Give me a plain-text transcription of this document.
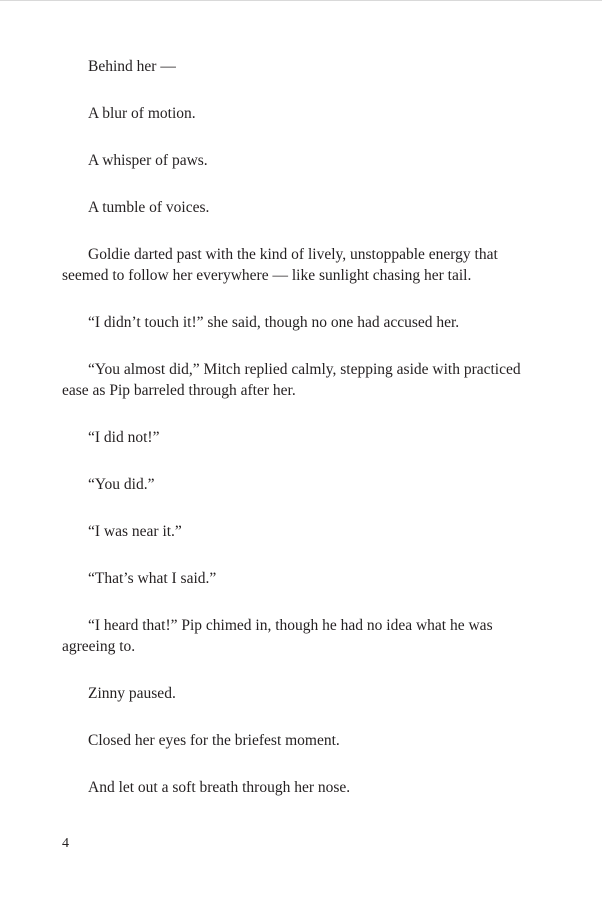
Behind her —

A blur of motion.

A whisper of paws.

A tumble of voices.

Goldie darted past with the kind of lively, unstoppable energy that seemed to follow her everywhere — like sunlight chasing her tail.

“I didn’t touch it!” she said, though no one had accused her.

“You almost did,” Mitch replied calmly, stepping aside with practiced ease as Pip barreled through after her.

“I did not!”

“You did.”

“I was near it.”

“That’s what I said.”

“I heard that!” Pip chimed in, though he had no idea what he was agreeing to.

Zinny paused.

Closed her eyes for the briefest moment.

And let out a soft breath through her nose.

4
